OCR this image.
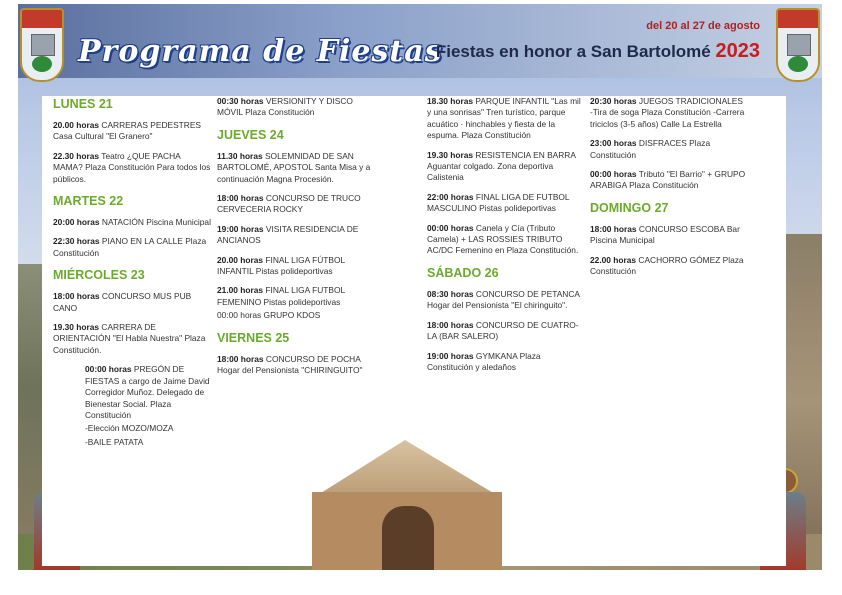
Programa de Fiestas
del 20 al 27 de agosto
Fiestas en honor a San Bartolomé 2023
LUNES 21
20.00 horas CARRERAS PEDESTRES Casa Cultural "El Granero"
22.30 horas Teatro ¿QUE PACHA MAMA? Plaza Constitución Para todos los públicos.
MARTES 22
20:00 horas NATACIÓN Piscina Municipal
22:30 horas PIANO EN LA CALLE Plaza Constitución
MIÉRCOLES 23
18:00 horas CONCURSO MUS PUB CANO
19.30 horas CARRERA DE ORIENTACIÓN "El Habla Nuestra" Plaza Constitución.
00:00 horas PREGÓN DE FIESTAS a cargo de Jaime David Corregidor Muñoz. Delegado de Bienestar Social. Plaza Constitución
-Elección MOZO/MOZA
-BAILE PATATA
00:30 horas VERSIONITY Y DISCO MÓVIL Plaza Constitución
JUEVES 24
11.30 horas SOLEMNIDAD DE SAN BARTOLOMÉ, APOSTOL Santa Misa y a continuación Magna Procesión.
18:00 horas CONCURSO DE TRUCO CERVECERIA ROCKY
19:00 horas VISITA RESIDENCIA DE ANCIANOS
20.00 horas FINAL LIGA FÚTBOL INFANTIL Pistas polideportivas
21.00 horas FINAL LIGA FUTBOL FEMENINO Pistas polideportivas
00:00 horas GRUPO KDOS
VIERNES 25
18:00 horas CONCURSO DE POCHA Hogar del Pensionista "CHIRINGUITO"
18.30 horas PARQUE INFANTIL "Las mil y una sonrisas" Tren turístico, parque acuático · hinchables y fiesta de la espuma. Plaza Constitución
19.30 horas RESISTENCIA EN BARRA Aguantar colgado. Zona deportiva Calistenia
22:00 horas FINAL LIGA DE FUTBOL MASCULINO Pistas polideportivas
00:00 horas Canela y Cía (Tributo Camela) + LAS ROSSIES TRIBUTO AC/DC Femenino en Plaza Constitución.
SÁBADO 26
08:30 horas CONCURSO DE PETANCA Hogar del Pensionista "El chiringuito".
18:00 horas CONCURSO DE CUATRO-LA (BAR SALERO)
19:00 horas GYMKANA Plaza Constitución y aledaños
20:30 horas JUEGOS TRADICIONALES -Tira de soga Plaza Constitución -Carrera triciclos (3-5 años) Calle La Estrella
23:00 horas DISFRACES Plaza Constitución
00:00 horas Tributo "El Barrio" + GRUPO ARABIGA Plaza Constitución
DOMINGO 27
18:00 horas CONCURSO ESCOBA Bar Piscina Municipal
22.00 horas CACHORRO GÓMEZ Plaza Constitución
